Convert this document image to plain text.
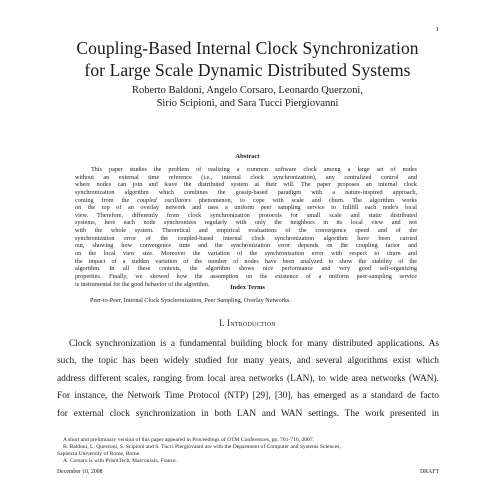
1
Coupling-Based Internal Clock Synchronization
for Large Scale Dynamic Distributed Systems
Roberto Baldoni, Angelo Corsaro, Leonardo Querzoni,
Sirio Scipioni, and Sara Tucci Piergiovanni
Abstract
This paper studies the problem of realizing a common software clock among a large set of nodes
without an external time reference (i.e., internal clock synchronization), any centralized control and
where nodes can join and leave the distributed system at their will. The paper proposes an internal clock
synchronization algorithm which combines the gossip-based paradigm with a nature-inspired approach,
coming from the coupled oscillators phenomenon, to cope with scale and churn. The algorithm works
on the top of an overlay network and uses a uniform peer sampling service to fullfill each node's local
view. Therefore, differently from clock synchronization protocols for small scale and static distributed
systems, here each node synchronizes regularly with only the neighbors in its local view and not
with the whole system. Theoretical and empirical evaluations of the convergence speed and of the
synchronization error of the coupled-based internal clock synchronization algorithm have been carried
out, showing how convergence time and the synchronization error depends on the coupling factor and
on the local view size. Moreover the variation of the synchronization error with respect to churn and
the impact of a sudden variation of the number of nodes have been analyzed to show the stability of the
algorithm. In all these contexts, the algorithm shows nice performance and very good self-organizing
properties. Finally, we showed how the assumption on the existence of a uniform peer-sampling service
is instrumental for the good behavior of the algorithm.	Index Terms
Peer-to-Peer, Internal Clock Synchronization, Peer Sampling, Overlay Networks.
I. Introduction
Clock synchronization is a fundamental building block for many distributed applications. As
such, the topic has been widely studied for many years, and several algorithms exist which
address different scales, ranging from local area networks (LAN), to wide area networks (WAN).
For instance, the Network Time Protocol (NTP) [29], [30], has emerged as a standard de facto
for external clock synchronization in both LAN and WAN settings. The work presented in
A short and preliminary version of this paper appeared in Proceedings of OTM Conferences, pp. 701-716, 2007.
R. Baldoni, L. Querzoni, S. Scipioni and S. Tucci Piergiovanni are with the Department of Computer and Systems Sciences,
Sapienza University of Rome, Rome.
A. Corsaro is with PrismTech, Marcoussis, France.
December 10, 2008	DRAFT
